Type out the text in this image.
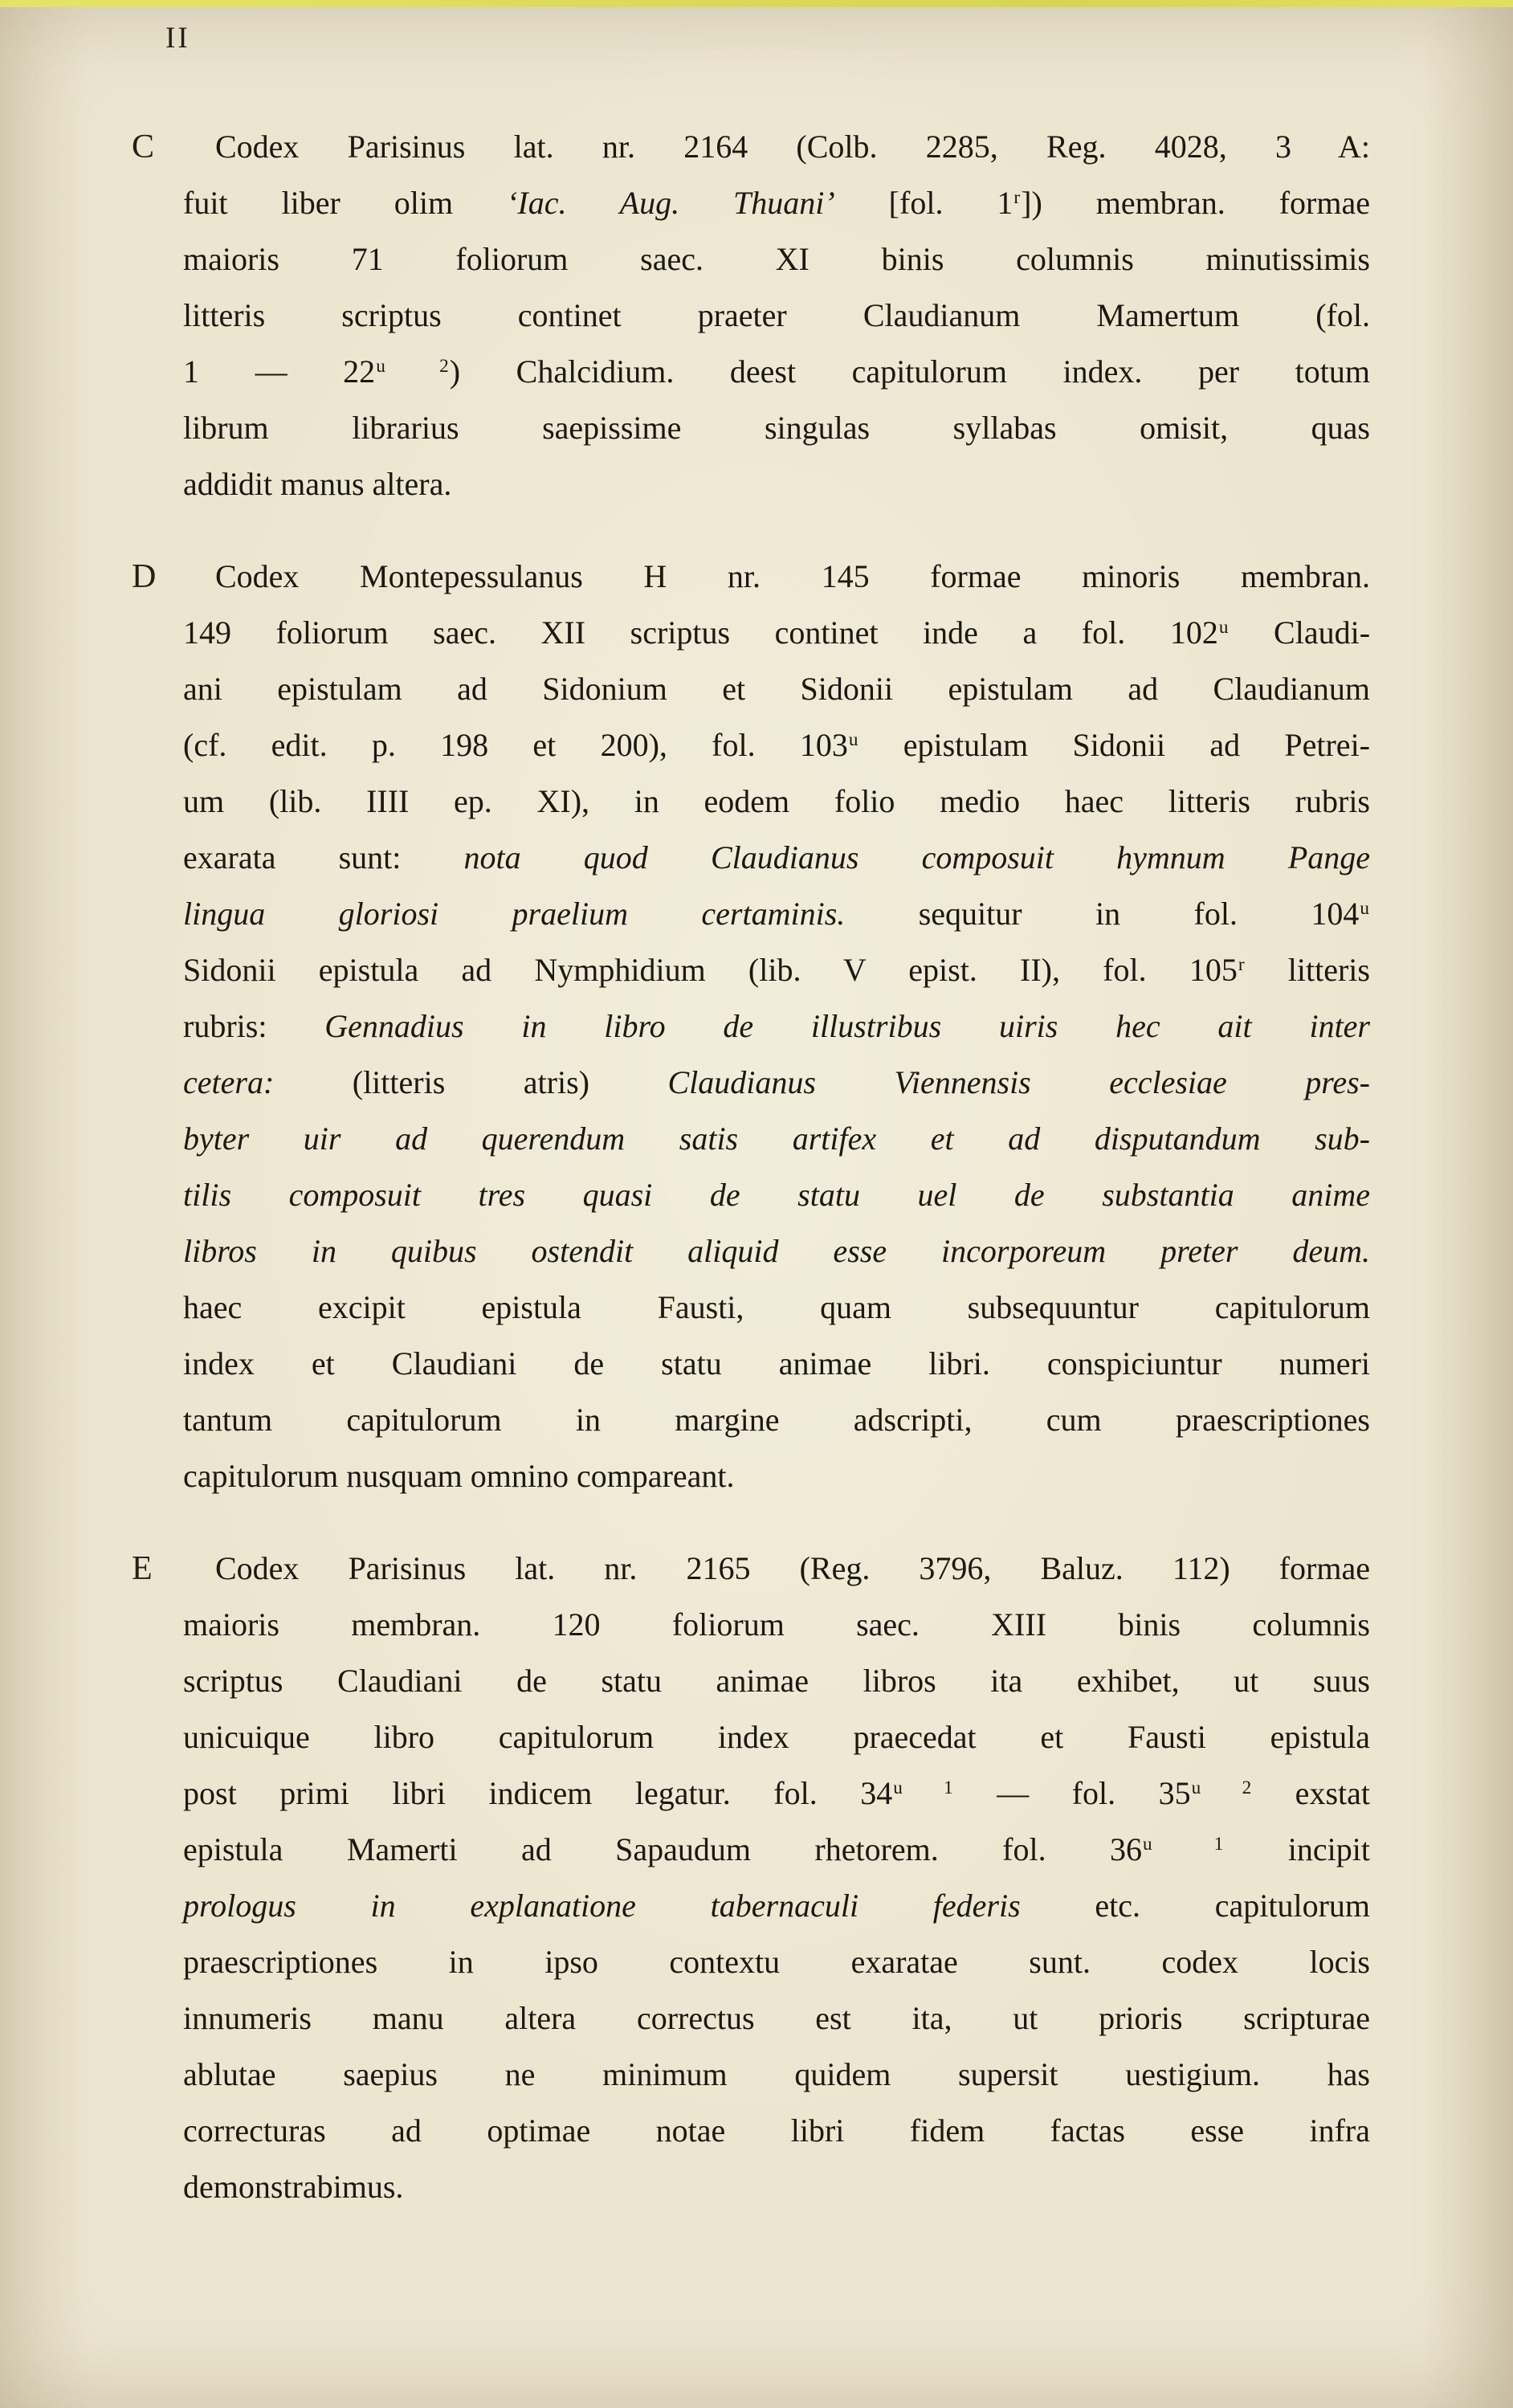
II
C	Codex Parisinus lat. nr. 2164 (Colb. 2285, Reg. 4028, 3 A:
fuit liber olim ‘Iac. Aug. Thuani’ [fol. 1$^r$]) membran. formae
maioris 71 foliorum saec. XI binis columnis minutissimis
litteris scriptus continet praeter Claudianum Mamertum (fol.
1 — $22^{u 2}$) Chalcidium. deest capitulorum index. per totum
librum librarius saepissime singulas syllabas omisit, quas
addidit manus altera.
D	Codex Montepessulanus H nr. 145 formae minoris membran.
149 foliorum saec. XII scriptus continet inde a fol. 102$^u$ Claudi-
ani epistulam ad Sidonium et Sidonii epistulam ad Claudianum
(cf. edit. p. 198 et 200), fol. 103$^u$ epistulam Sidonii ad Petrei-
um (lib. IIII ep. XI), in eodem folio medio haec litteris rubris
exarata sunt: nota quod Claudianus composuit hymnum Pange
lingua gloriosi praelium certaminis. sequitur in fol. 104$^u$
Sidonii epistula ad Nymphidium (lib. V epist. II), fol. 105$^r$ litteris
rubris: Gennadius in libro de illustribus uiris hec ait inter
cetera: (litteris atris) Claudianus Viennensis ecclesiae pres-
byter uir ad querendum satis artifex et ad disputandum sub-
tilis composuit tres quasi de statu uel de substantia anime
libros in quibus ostendit aliquid esse incorporeum preter deum.
haec excipit epistula Fausti, quam subsequuntur capitulorum
index et Claudiani de statu animae libri. conspiciuntur numeri
tantum capitulorum in margine adscripti, cum praescriptiones
capitulorum nusquam omnino compareant.
E	Codex Parisinus lat. nr. 2165 (Reg. 3796, Baluz. 112) formae
maioris membran. 120 foliorum saec. XIII binis columnis
scriptus Claudiani de statu animae libros ita exhibet, ut suus
unicuique libro capitulorum index praecedat et Fausti epistula
post primi libri indicem legatur. fol. $34^{u 1}$ — fol. $35^{u 2}$ exstat
epistula Mamerti ad Sapaudum rhetorem. fol. $36^{u 1}$ incipit
prologus in explanatione tabernaculi federis etc. capitulorum
praescriptiones in ipso contextu exaratae sunt. codex locis
innumeris manu altera correctus est ita, ut prioris scripturae
ablutae saepius ne minimum quidem supersit uestigium. has
correcturas ad optimae notae libri fidem factas esse infra
demonstrabimus.
